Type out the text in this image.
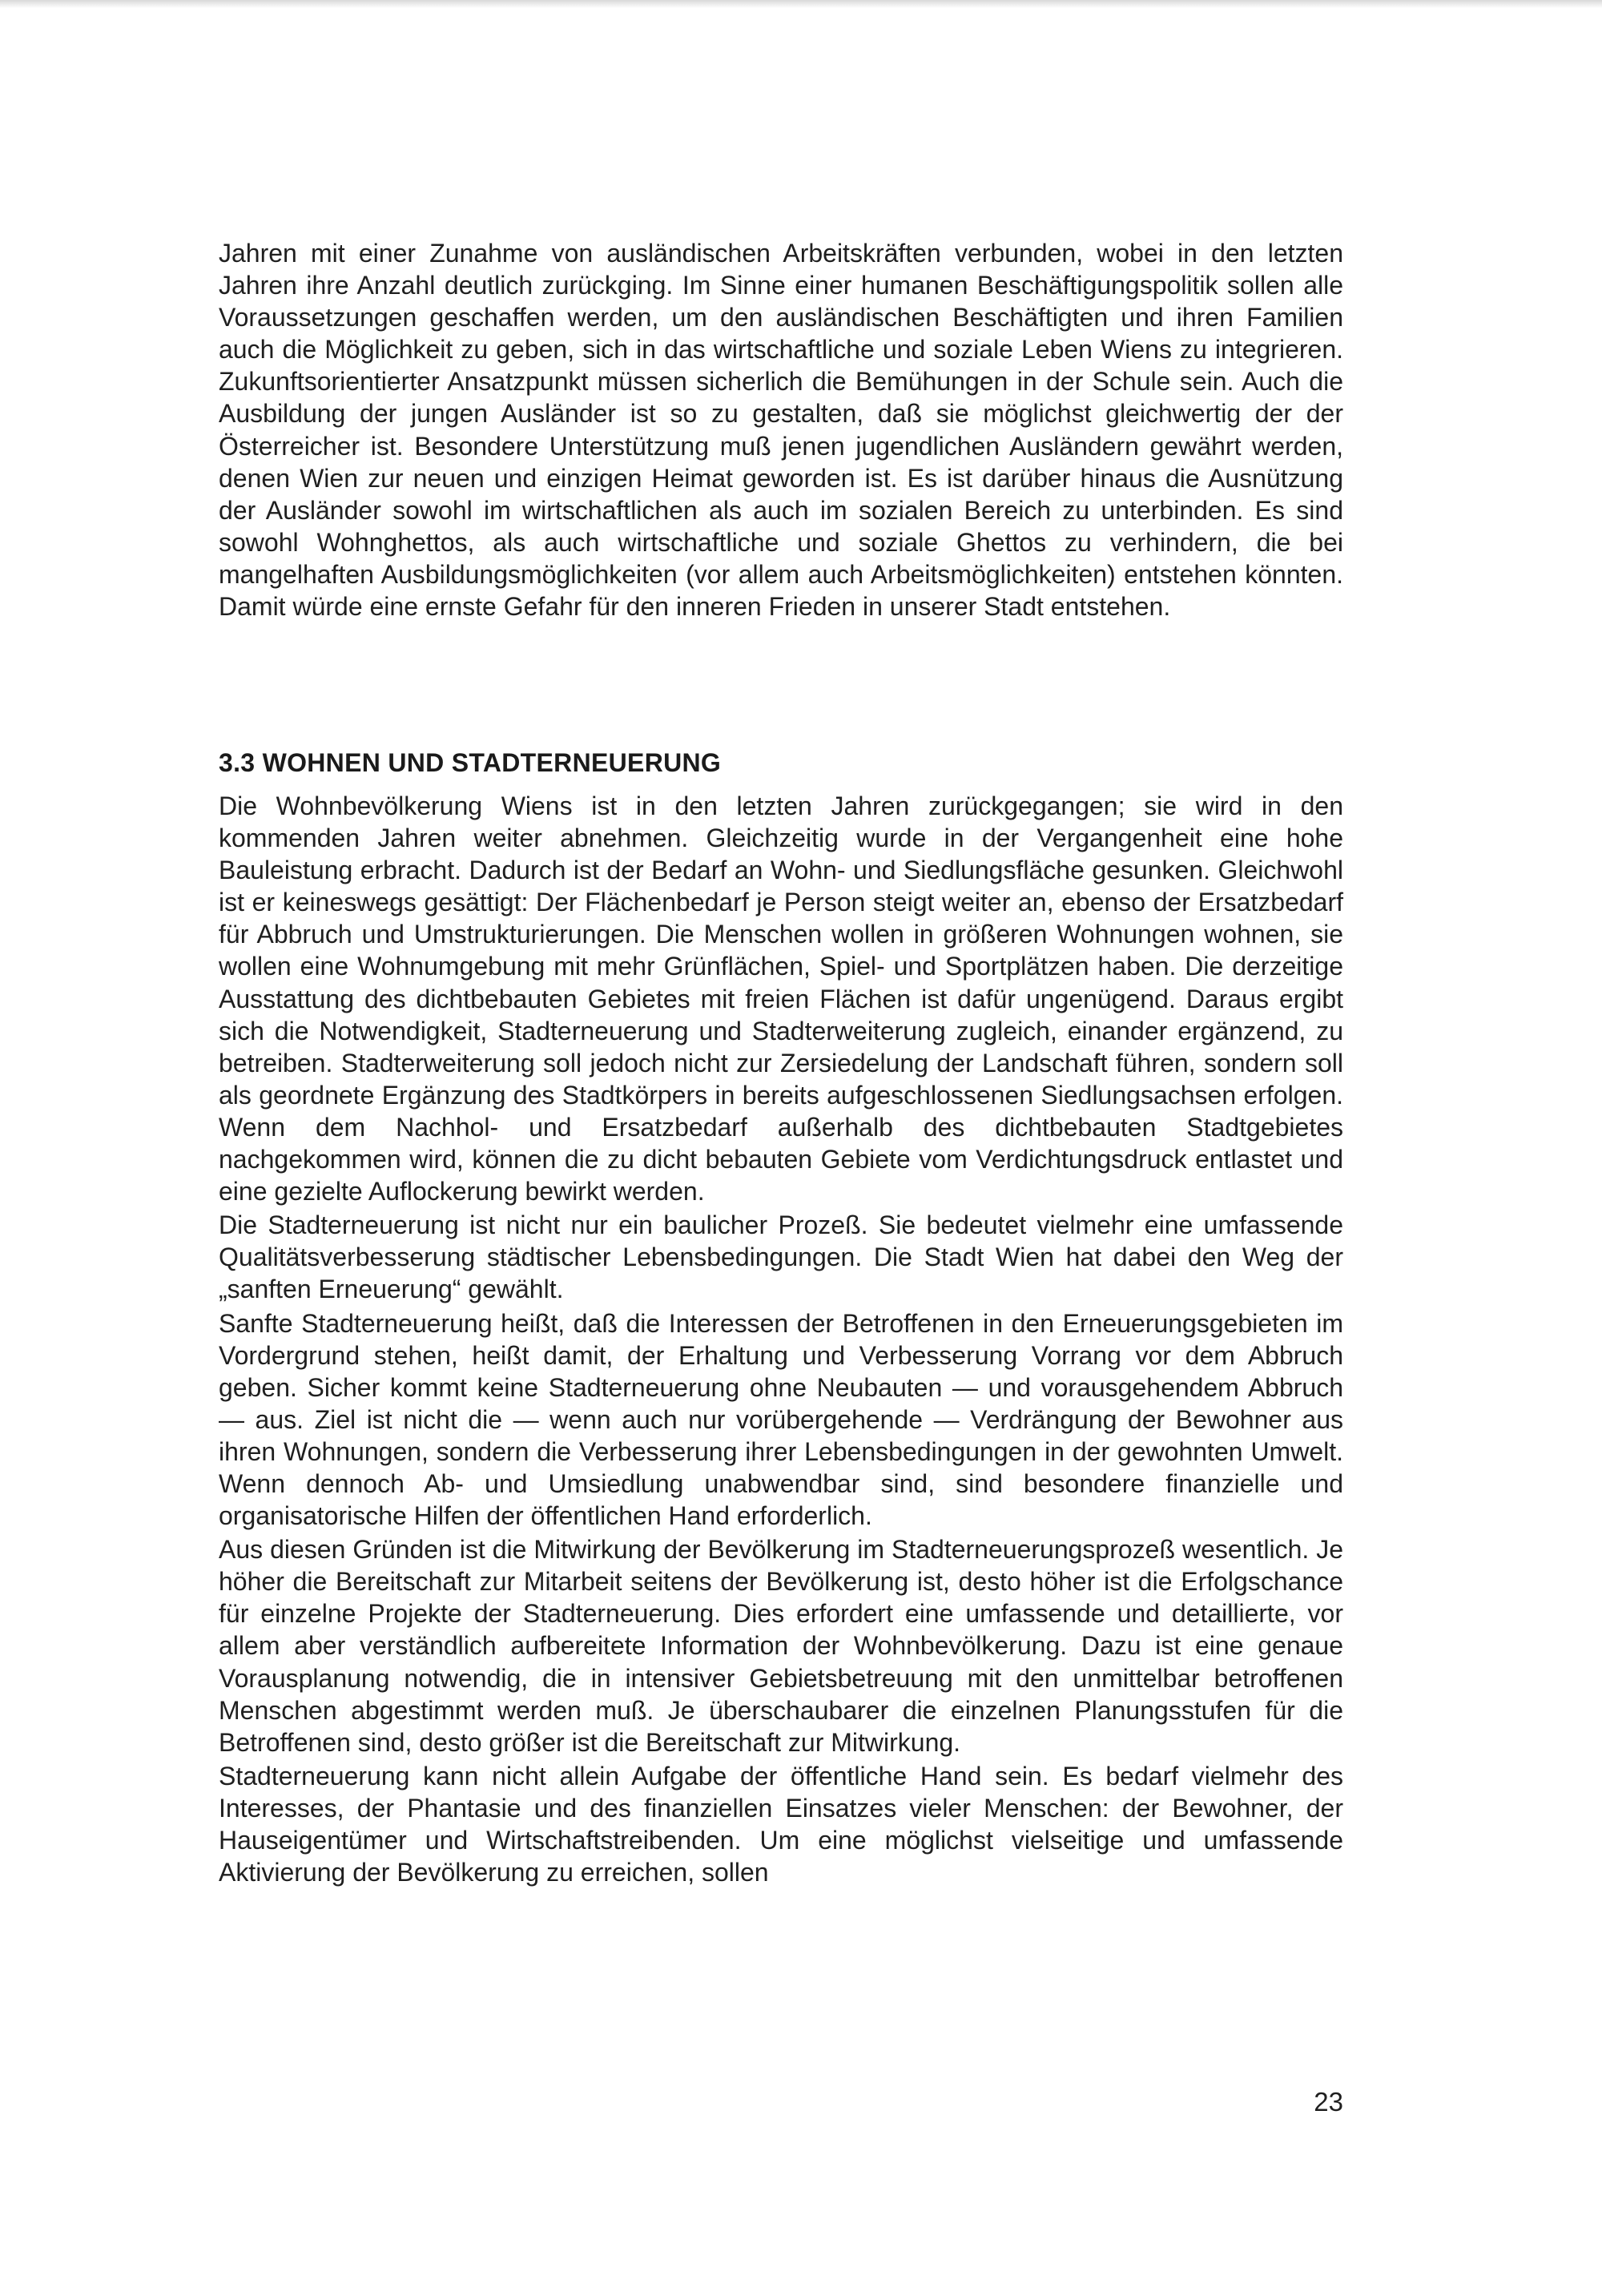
Jahren mit einer Zunahme von ausländischen Arbeitskräften verbunden, wobei in den letzten Jahren ihre Anzahl deutlich zurückging. Im Sinne einer humanen Beschäftigungspolitik sollen alle Voraussetzungen geschaffen werden, um den ausländischen Beschäftigten und ihren Familien auch die Möglichkeit zu geben, sich in das wirtschaftliche und soziale Leben Wiens zu integrieren. Zukunftsorientierter Ansatzpunkt müssen sicherlich die Bemühungen in der Schule sein. Auch die Ausbildung der jungen Ausländer ist so zu gestalten, daß sie möglichst gleichwertig der der Österreicher ist. Besondere Unterstützung muß jenen jugendlichen Ausländern gewährt werden, denen Wien zur neuen und einzigen Heimat geworden ist. Es ist darüber hinaus die Ausnützung der Ausländer sowohl im wirtschaftlichen als auch im sozialen Bereich zu unterbinden. Es sind sowohl Wohnghettos, als auch wirtschaftliche und soziale Ghettos zu verhindern, die bei mangelhaften Ausbildungsmöglichkeiten (vor allem auch Arbeitsmöglichkeiten) entstehen könnten. Damit würde eine ernste Gefahr für den inneren Frieden in unserer Stadt entstehen.

3.3 WOHNEN UND STADTERNEUERUNG

Die Wohnbevölkerung Wiens ist in den letzten Jahren zurückgegangen; sie wird in den kommenden Jahren weiter abnehmen. Gleichzeitig wurde in der Vergangenheit eine hohe Bauleistung erbracht. Dadurch ist der Bedarf an Wohn- und Siedlungsfläche gesunken. Gleichwohl ist er keineswegs gesättigt: Der Flächenbedarf je Person steigt weiter an, ebenso der Ersatzbedarf für Abbruch und Umstrukturierungen. Die Menschen wollen in größeren Wohnungen wohnen, sie wollen eine Wohnumgebung mit mehr Grünflächen, Spiel- und Sportplätzen haben. Die derzeitige Ausstattung des dichtbebauten Gebietes mit freien Flächen ist dafür ungenügend. Daraus ergibt sich die Notwendigkeit, Stadterneuerung und Stadterweiterung zugleich, einander ergänzend, zu betreiben. Stadterweiterung soll jedoch nicht zur Zersiedelung der Landschaft führen, sondern soll als geordnete Ergänzung des Stadtkörpers in bereits aufgeschlossenen Siedlungsachsen erfolgen. Wenn dem Nachhol- und Ersatzbedarf außerhalb des dichtbebauten Stadtgebietes nachgekommen wird, können die zu dicht bebauten Gebiete vom Verdichtungsdruck entlastet und eine gezielte Auflockerung bewirkt werden.

Die Stadterneuerung ist nicht nur ein baulicher Prozeß. Sie bedeutet vielmehr eine umfassende Qualitätsverbesserung städtischer Lebensbedingungen. Die Stadt Wien hat dabei den Weg der „sanften Erneuerung“ gewählt.

Sanfte Stadterneuerung heißt, daß die Interessen der Betroffenen in den Erneuerungsgebieten im Vordergrund stehen, heißt damit, der Erhaltung und Verbesserung Vorrang vor dem Abbruch geben. Sicher kommt keine Stadterneuerung ohne Neubauten — und vorausgehendem Abbruch — aus. Ziel ist nicht die — wenn auch nur vorübergehende — Verdrängung der Bewohner aus ihren Wohnungen, sondern die Verbesserung ihrer Lebensbedingungen in der gewohnten Umwelt. Wenn dennoch Ab- und Umsiedlung unabwendbar sind, sind besondere finanzielle und organisatorische Hilfen der öffentlichen Hand erforderlich.

Aus diesen Gründen ist die Mitwirkung der Bevölkerung im Stadterneuerungsprozeß wesentlich. Je höher die Bereitschaft zur Mitarbeit seitens der Bevölkerung ist, desto höher ist die Erfolgschance für einzelne Projekte der Stadterneuerung. Dies erfordert eine umfassende und detaillierte, vor allem aber verständlich aufbereitete Information der Wohnbevölkerung. Dazu ist eine genaue Vorausplanung notwendig, die in intensiver Gebietsbetreuung mit den unmittelbar betroffenen Menschen abgestimmt werden muß. Je überschaubarer die einzelnen Planungsstufen für die Betroffenen sind, desto größer ist die Bereitschaft zur Mitwirkung.

Stadterneuerung kann nicht allein Aufgabe der öffentliche Hand sein. Es bedarf vielmehr des Interesses, der Phantasie und des finanziellen Einsatzes vieler Menschen: der Bewohner, der Hauseigentümer und Wirtschaftstreibenden. Um eine möglichst vielseitige und umfassende Aktivierung der Bevölkerung zu erreichen, sollen

23
